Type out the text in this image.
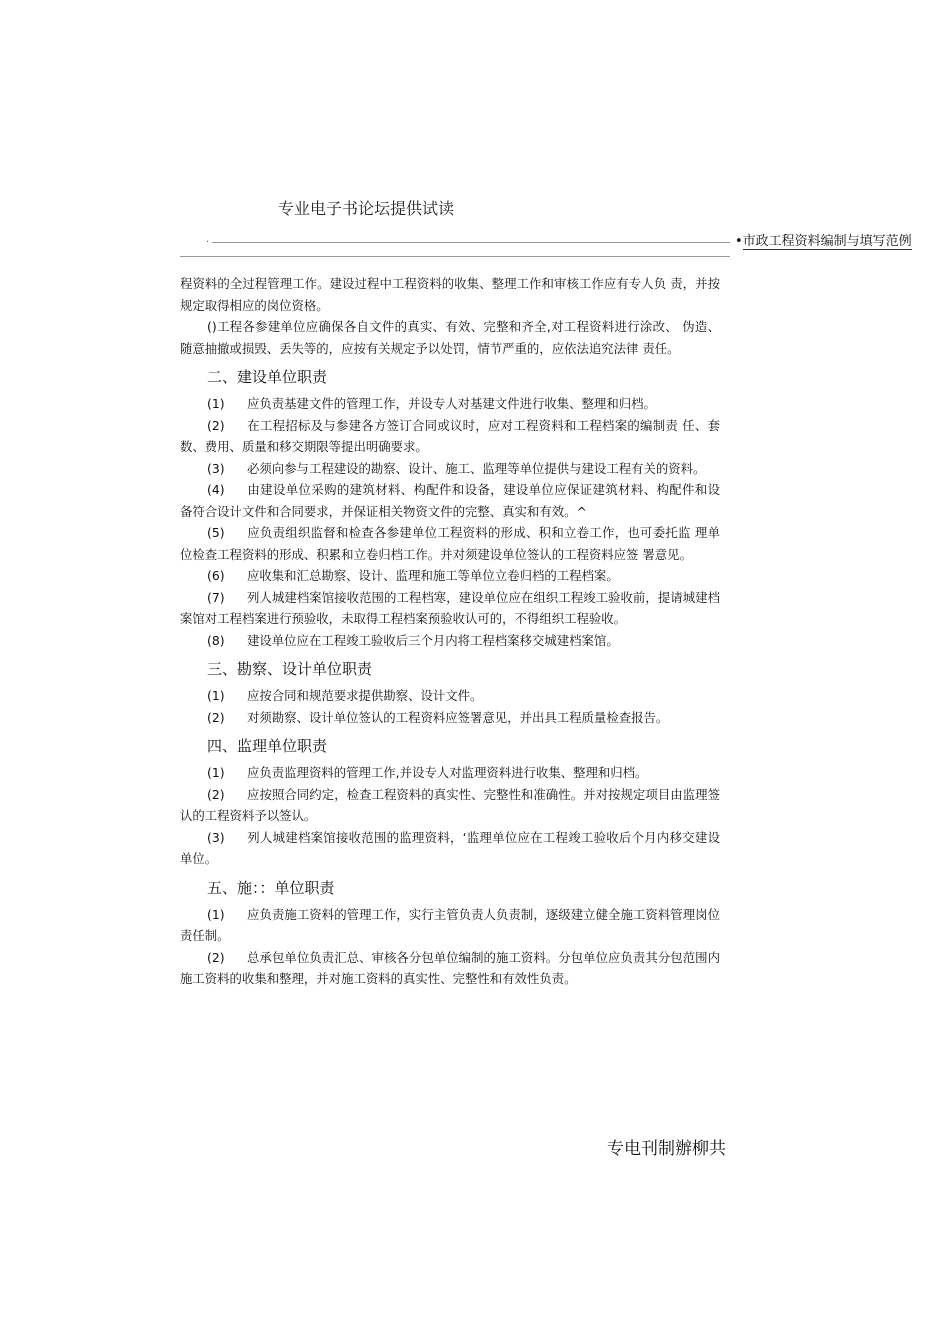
专业电子书论坛提供试读
.	•市政工程资料编制与填写范例

程资料的全过程管理工作。建设过程中工程资料的收集、整理工作和审核工作应有专人负 责，并按规定取得相应的岗位资格。

()工程各参建单位应确保各自文件的真实、有效、完整和齐全,对工程资料进行涂改、 伪造、随意抽撤或损毁、丢失等的，应按有关规定予以处罚，情节严重的，应依法追究法律 责任。

二、建设单位职责

(1) 应负责基建文件的管理工作，并设专人对基建文件进行收集、整理和归档。

(2) 在工程招标及与参建各方签订合同或议时，应对工程资料和工程档案的编制责 任、套数、费用、质量和移交期限等提出明确要求。

(3) 必须向参与工程建设的勘察、设计、施工、监理等单位提供与建设工程有关的资料。

(4) 由建设单位采购的建筑材料、构配件和设备，建设单位应保证建筑材料、构配件和设 备符合设计文件和合同要求，并保证相关物资文件的完整、真实和有效。^

(5) 应负责组织监督和检查各参建单位工程资料的形成、积和立卷工作，也可委托监 理单位检查工程资料的形成、积累和立卷归档工作。并对须建设单位签认的工程资料应签 署意见。

(6) 应收集和汇总勘察、设计、监理和施工等单位立卷归档的工程档案。

(7) 列人城建档案馆接收范围的工程档寒，建设单位应在组织工程竣工验收前，提请城建档案馆对工程档案进行预验收，未取得工程档案预验收认可的，不得组织工程验收。

(8) 建设单位应在工程竣工验收后三个月内将工程档案移交城建档案馆。

三、勘察、设计单位职责

(1) 应按合同和规范要求提供勘察、设计文件。

(2) 对须勘察、设计单位签认的工程资料应签署意见，并出具工程质量检查报告。

四、监理单位职责

(1) 应负责监理资料的管理工作,并设专人对监理资料进行收集、整理和归档。

(2) 应按照合同约定，检查工程资料的真实性、完整性和准确性。并对按规定项目由监理签认的工程资料予以签认。

(3) 列人城建档案馆接收范围的监理资料，‘监理单位应在工程竣工验收后个月内移交建设单位。

五、施：：单位职责

(1) 应负责施工资料的管理工作，实行主管负责人负责制，逐级建立健全施工资料管理岗位责任制。

(2) 总承包单位负责汇总、审核各分包单位编制的施工资料。分包单位应负责其分包范围内施工资料的收集和整理，并对施工资料的真实性、完整性和有效性负责。

专电刊制辦柳共
